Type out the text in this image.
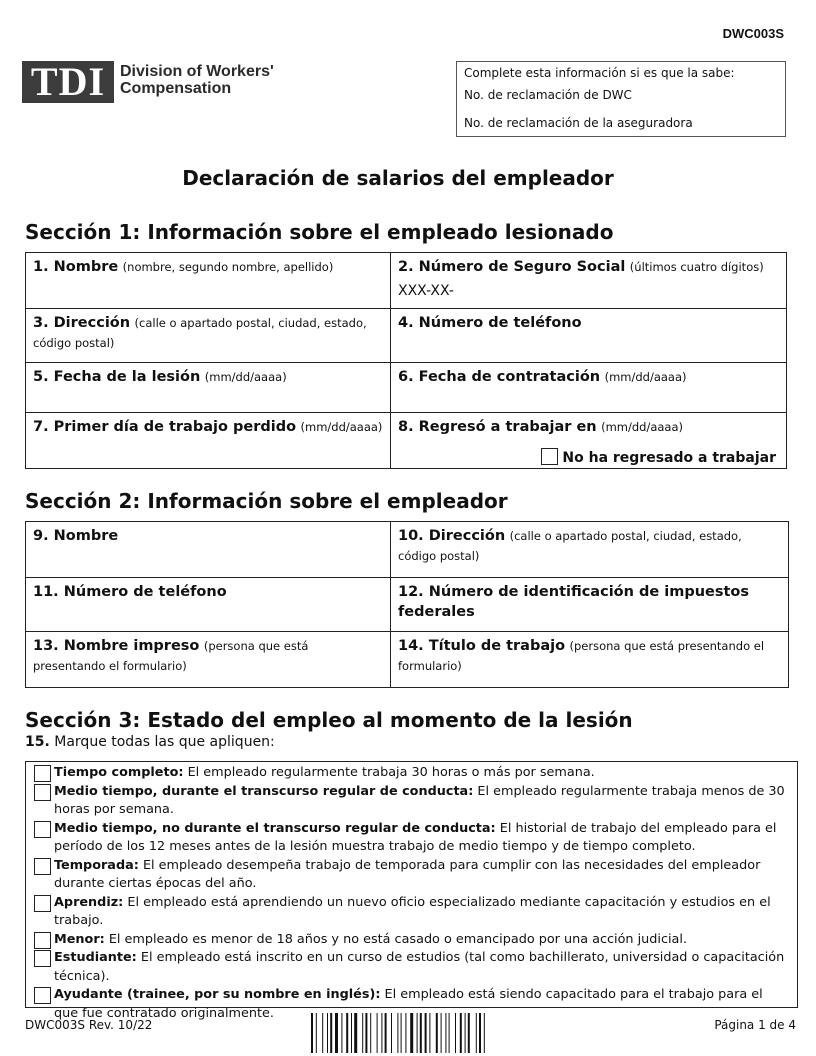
DWC003S
TDI Division of Workers'
Compensation
Complete esta información si es que la sabe:
No. de reclamación de DWC
No. de reclamación de la aseguradora
Declaración de salarios del empleador
Sección 1: Información sobre el empleado lesionado
1. Nombre (nombre, segundo nombre, apellido)	2. Número de Seguro Social (últimos cuatro dígitos)
XXX-XX-

3. Dirección (calle o apartado postal, ciudad, estado, código postal)	4. Número de teléfono
5. Fecha de la lesión (mm/dd/aaaa)	6. Fecha de contratación (mm/dd/aaaa)
7. Primer día de trabajo perdido (mm/dd/aaaa)	8. Regresó a trabajar en (mm/dd/aaaa)
No ha regresado a trabajar
Sección 2: Información sobre el empleador
9. Nombre	10. Dirección (calle o apartado postal, ciudad, estado, código postal)
11. Número de teléfono	12. Número de identificación de impuestos federales
13. Nombre impreso (persona que está presentando el formulario)	14. Título de trabajo (persona que está presentando el formulario)
Sección 3: Estado del empleo al momento de la lesión
15. Marque todas las que apliquen:
Tiempo completo: El empleado regularmente trabaja 30 horas o más por semana.
Medio tiempo, durante el transcurso regular de conducta: El empleado regularmente trabaja menos de 30 horas por semana.
Medio tiempo, no durante el transcurso regular de conducta: El historial de trabajo del empleado para el período de los 12 meses antes de la lesión muestra trabajo de medio tiempo y de tiempo completo.
Temporada: El empleado desempeña trabajo de temporada para cumplir con las necesidades del empleador durante ciertas épocas del año.
Aprendiz: El empleado está aprendiendo un nuevo oficio especializado mediante capacitación y estudios en el trabajo.
Menor: El empleado es menor de 18 años y no está casado o emancipado por una acción judicial.
Estudiante: El empleado está inscrito en un curso de estudios (tal como bachillerato, universidad o capacitación técnica).
Ayudante (trainee, por su nombre en inglés): El empleado está siendo capacitado para el trabajo para el que fue contratado originalmente.
DWC003S Rev. 10/22	Página 1 de 4
